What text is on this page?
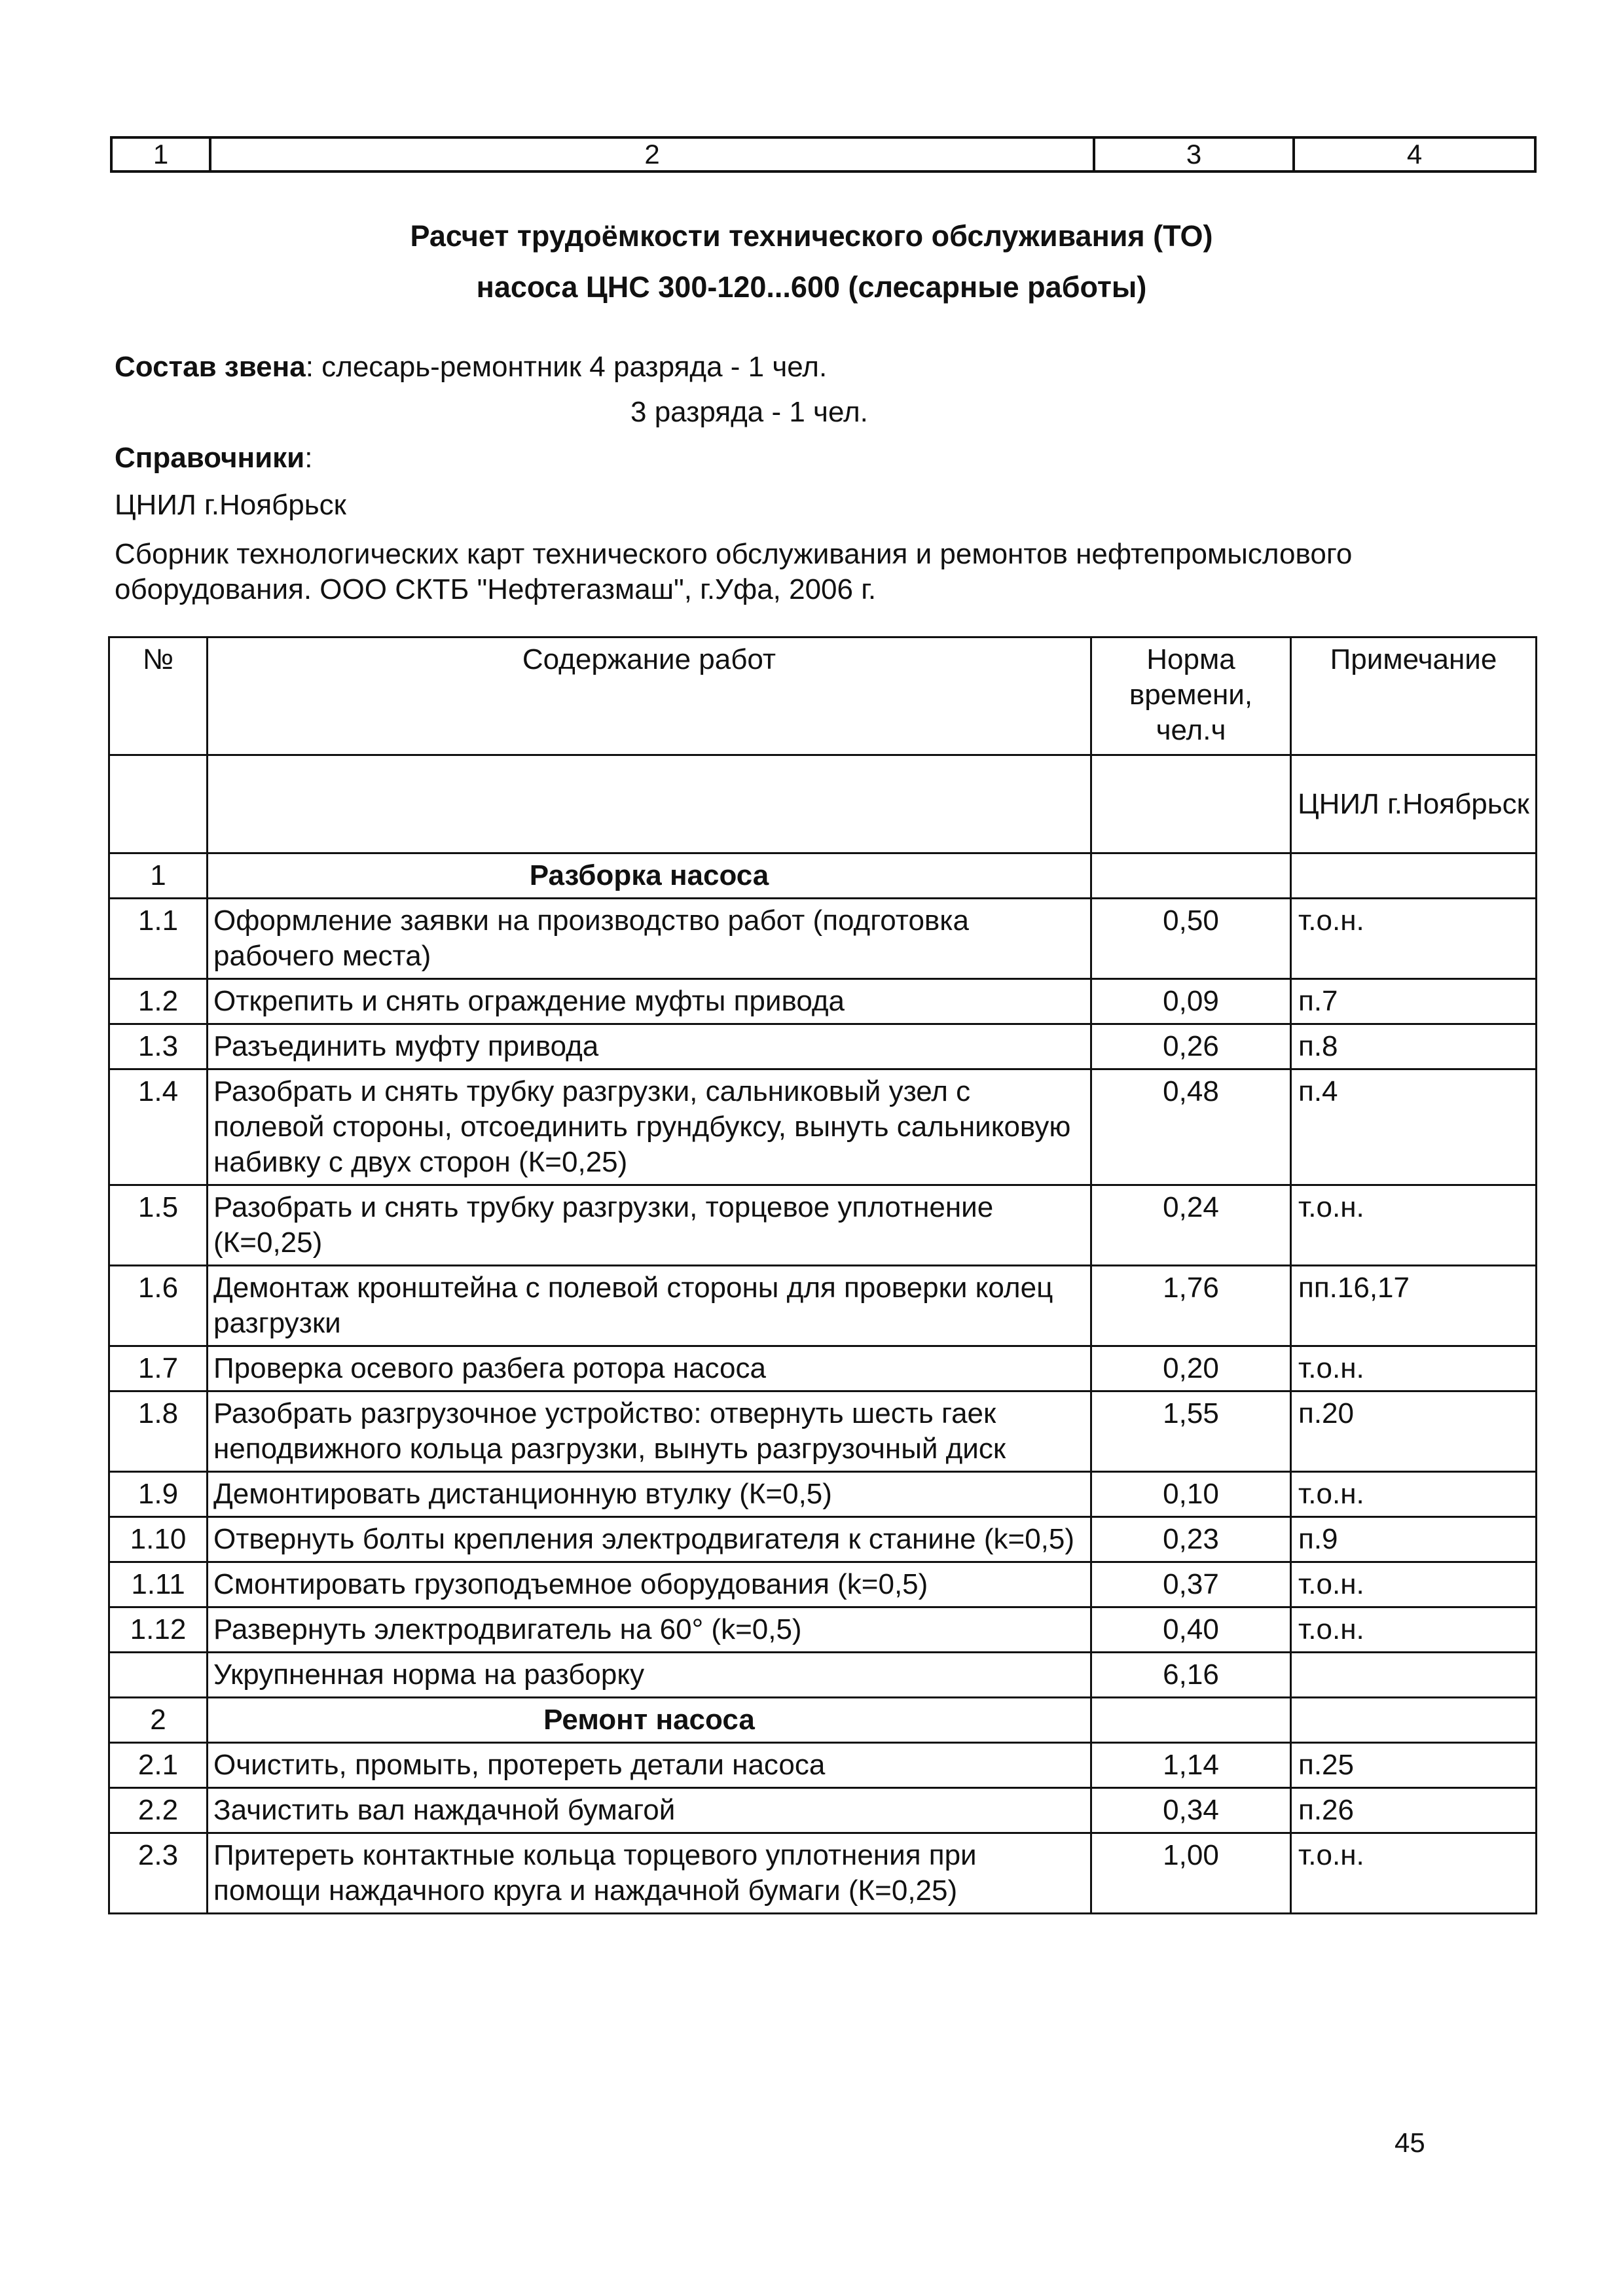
1	2	3	4
Расчет трудоёмкости технического обслуживания (ТО)
насоса ЦНС 300-120...600 (слесарные работы)
Состав звена: слесарь-ремонтник 4 разряда - 1 чел.
3 разряда - 1 чел.
Справочники:
ЦНИЛ г.Ноябрьск
Сборник технологических карт технического обслуживания и ремонтов нефтепромыслового оборудования. ООО СКТБ "Нефтегазмаш", г.Уфа, 2006 г.
№	Содержание работ	Норма времени, чел.ч	Примечание
			ЦНИЛ г.Ноябрьск
1	Разборка насоса		
1.1	Оформление заявки на производство работ (подготовка рабочего места)	0,50	т.о.н.
1.2	Открепить и снять ограждение муфты привода	0,09	п.7
1.3	Разъединить муфту привода	0,26	п.8
1.4	Разобрать и снять трубку разгрузки, сальниковый узел с полевой стороны, отсоединить грундбуксу, вынуть сальниковую набивку с двух сторон (К=0,25)	0,48	п.4
1.5	Разобрать и снять трубку разгрузки, торцевое уплотнение (К=0,25)	0,24	т.о.н.
1.6	Демонтаж кронштейна с полевой стороны для проверки колец разгрузки	1,76	пп.16,17
1.7	Проверка осевого разбега ротора насоса	0,20	т.о.н.
1.8	Разобрать разгрузочное устройство: отвернуть шесть гаек неподвижного кольца разгрузки, вынуть разгрузочный диск	1,55	п.20
1.9	Демонтировать дистанционную втулку (К=0,5)	0,10	т.о.н.
1.10	Отвернуть болты крепления электродвигателя к станине (k=0,5)	0,23	п.9
1.11	Смонтировать грузоподъемное оборудования (k=0,5)	0,37	т.о.н.
1.12	Развернуть электродвигатель на 60° (k=0,5)	0,40	т.о.н.
	Укрупненная норма на разборку	6,16	
2	Ремонт насоса		
2.1	Очистить, промыть, протереть детали насоса	1,14	п.25
2.2	Зачистить вал наждачной бумагой	0,34	п.26
2.3	Притереть контактные кольца торцевого уплотнения при помощи наждачного круга и наждачной бумаги (К=0,25)	1,00	т.о.н.
45
